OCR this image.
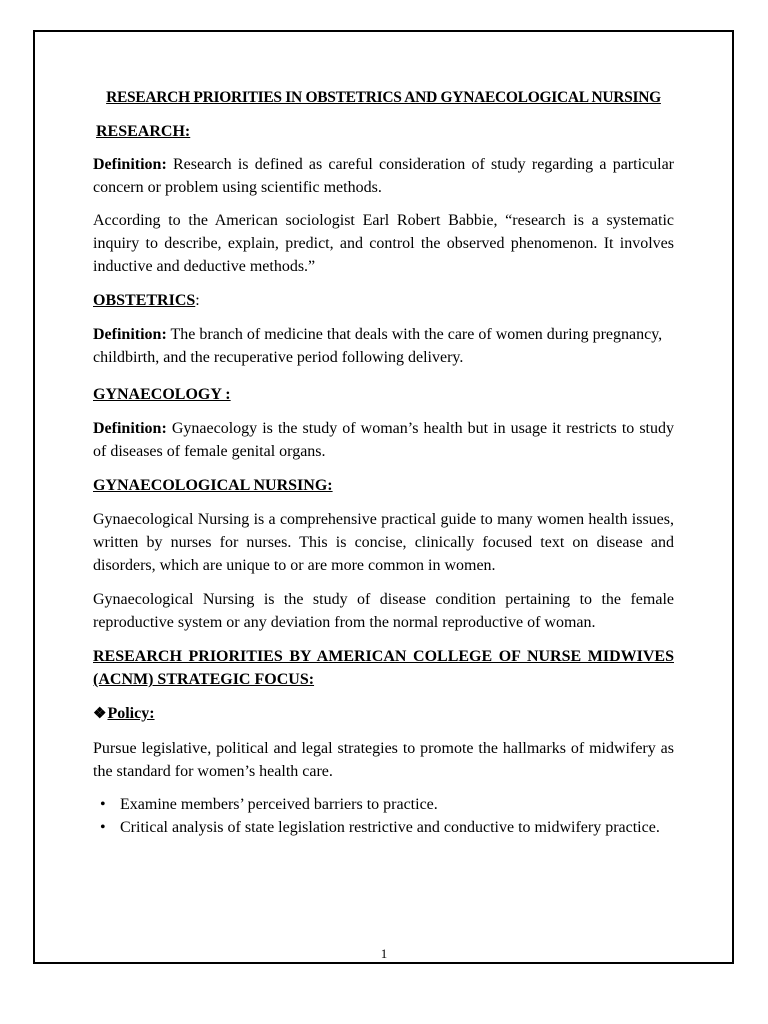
RESEARCH PRIORITIES IN OBSTETRICS AND GYNAECOLOGICAL NURSING

RESEARCH:

Definition: Research is defined as careful consideration of study regarding a particular concern or problem using scientific methods.

According to the American sociologist Earl Robert Babbie, “research is a systematic inquiry to describe, explain, predict, and control the observed phenomenon. It involves inductive and deductive methods.”

OBSTETRICS:

Definition: The branch of medicine that deals with the care of women during pregnancy, childbirth, and the recuperative period following delivery.

GYNAECOLOGY :

Definition: Gynaecology is the study of woman’s health but in usage it restricts to study of diseases of female genital organs.

GYNAECOLOGICAL NURSING:

Gynaecological Nursing is a comprehensive practical guide to many women health issues, written by nurses for nurses. This is concise, clinically focused text on disease and disorders, which are unique to or are more common in women.

Gynaecological Nursing is the study of disease condition pertaining to the female reproductive system or any deviation from the normal reproductive of woman.

RESEARCH PRIORITIES BY AMERICAN COLLEGE OF NURSE MIDWIVES (ACNM) STRATEGIC FOCUS:

❖Policy:

Pursue legislative, political and legal strategies to promote the hallmarks of midwifery as the standard for women’s health care.

• Examine members’ perceived barriers to practice.
• Critical analysis of state legislation restrictive and conductive to midwifery practice.
1
